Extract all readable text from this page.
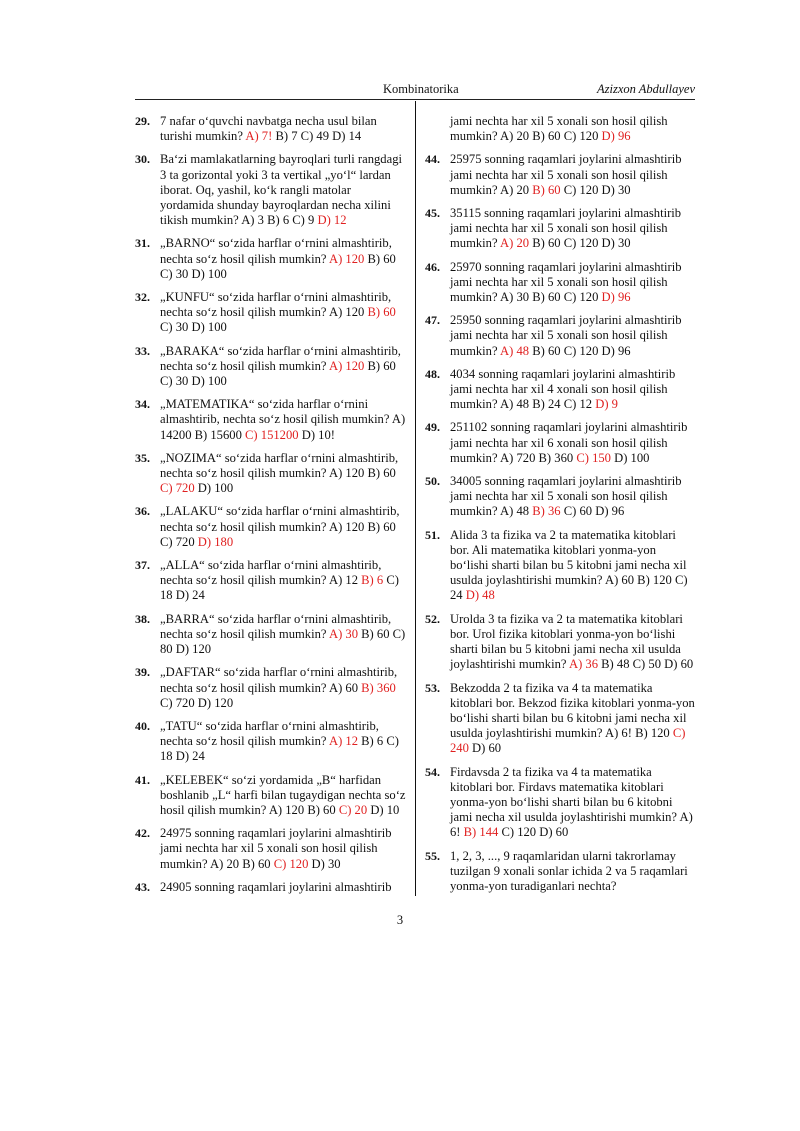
Kombinatorika	Azizxon Abdullayev
29. 7 nafar o‘quvchi navbatga necha usul bilan turishi mumkin? A) 7! B) 7 C) 49 D) 14
30. Ba‘zi mamlakatlarning bayroqlari turli rangdagi 3 ta gorizontal yoki 3 ta vertikal „yo‘l“ lardan iborat. Oq, yashil, ko‘k rangli matolar yordamida shunday bayroqlardan necha xilini tikish mumkin? A) 3 B) 6 C) 9 D) 12
31. „BARNO“ so‘zida harflar o‘rnini almashtirib, nechta so‘z hosil qilish mumkin? A) 120 B) 60 C) 30 D) 100
32. „KUNFU“ so‘zida harflar o‘rnini almashtirib, nechta so‘z hosil qilish mumkin? A) 120 B) 60 C) 30 D) 100
33. „BARAKA“ so‘zida harflar o‘rnini almashtirib, nechta so‘z hosil qilish mumkin? A) 120 B) 60 C) 30 D) 100
34. „MATEMATIKA“ so‘zida harflar o‘rnini almashtirib, nechta so‘z hosil qilish mumkin? A) 14200 B) 15600 C) 151200 D) 10!
35. „NOZIMA“ so‘zida harflar o‘rnini almashtirib, nechta so‘z hosil qilish mumkin? A) 120 B) 60 C) 720 D) 100
36. „LALAKU“ so‘zida harflar o‘rnini almashtirib, nechta so‘z hosil qilish mumkin? A) 120 B) 60 C) 720 D) 180
37. „ALLA“ so‘zida harflar o‘rnini almashtirib, nechta so‘z hosil qilish mumkin? A) 12 B) 6 C) 18 D) 24
38. „BARRA“ so‘zida harflar o‘rnini almashtirib, nechta so‘z hosil qilish mumkin? A) 30 B) 60 C) 80 D) 120
39. „DAFTAR“ so‘zida harflar o‘rnini almashtirib, nechta so‘z hosil qilish mumkin? A) 60 B) 360 C) 720 D) 120
40. „TATU“ so‘zida harflar o‘rnini almashtirib, nechta so‘z hosil qilish mumkin? A) 12 B) 6 C) 18 D) 24
41. „KELEBEK“ so‘zi yordamida „B“ harfidan boshlanib „L“ harfi bilan tugaydigan nechta so‘z hosil qilish mumkin? A) 120 B) 60 C) 20 D) 10
42. 24975 sonning raqamlari joylarini almashtirib jami nechta har xil 5 xonali son hosil qilish mumkin? A) 20 B) 60 C) 120 D) 30
43. 24905 sonning raqamlari joylarini almashtirib
jami nechta har xil 5 xonali son hosil qilish mumkin? A) 20 B) 60 C) 120 D) 96
44. 25975 sonning raqamlari joylarini almashtirib jami nechta har xil 5 xonali son hosil qilish mumkin? A) 20 B) 60 C) 120 D) 30
45. 35115 sonning raqamlari joylarini almashtirib jami nechta har xil 5 xonali son hosil qilish mumkin? A) 20 B) 60 C) 120 D) 30
46. 25970 sonning raqamlari joylarini almashtirib jami nechta har xil 5 xonali son hosil qilish mumkin? A) 30 B) 60 C) 120 D) 96
47. 25950 sonning raqamlari joylarini almashtirib jami nechta har xil 5 xonali son hosil qilish mumkin? A) 48 B) 60 C) 120 D) 96
48. 4034 sonning raqamlari joylarini almashtirib jami nechta har xil 4 xonali son hosil qilish mumkin? A) 48 B) 24 C) 12 D) 9
49. 251102 sonning raqamlari joylarini almashtirib jami nechta har xil 6 xonali son hosil qilish mumkin? A) 720 B) 360 C) 150 D) 100
50. 34005 sonning raqamlari joylarini almashtirib jami nechta har xil 5 xonali son hosil qilish mumkin? A) 48 B) 36 C) 60 D) 96
51. Alida 3 ta fizika va 2 ta matematika kitoblari bor. Ali matematika kitoblari yonma-yon bo‘lishi sharti bilan bu 5 kitobni jami necha xil usulda joylashtirishi mumkin? A) 60 B) 120 C) 24 D) 48
52. Urolda 3 ta fizika va 2 ta matematika kitoblari bor. Urol fizika kitoblari yonma-yon bo‘lishi sharti bilan bu 5 kitobni jami necha xil usulda joylashtirishi mumkin? A) 36 B) 48 C) 50 D) 60
53. Bekzodda 2 ta fizika va 4 ta matematika kitoblari bor. Bekzod fizika kitoblari yonma-yon bo‘lishi sharti bilan bu 6 kitobni jami necha xil usulda joylashtirishi mumkin? A) 6! B) 120 C) 240 D) 60
54. Firdavsda 2 ta fizika va 4 ta matematika kitoblari bor. Firdavs matematika kitoblari yonma-yon bo‘lishi sharti bilan bu 6 kitobni jami necha xil usulda joylashtirishi mumkin? A) 6! B) 144 C) 120 D) 60
55. 1, 2, 3, ..., 9 raqamlaridan ularni takrorlamay tuzilgan 9 xonali sonlar ichida 2 va 5 raqamlari yonma-yon turadiganlari nechta?
3
